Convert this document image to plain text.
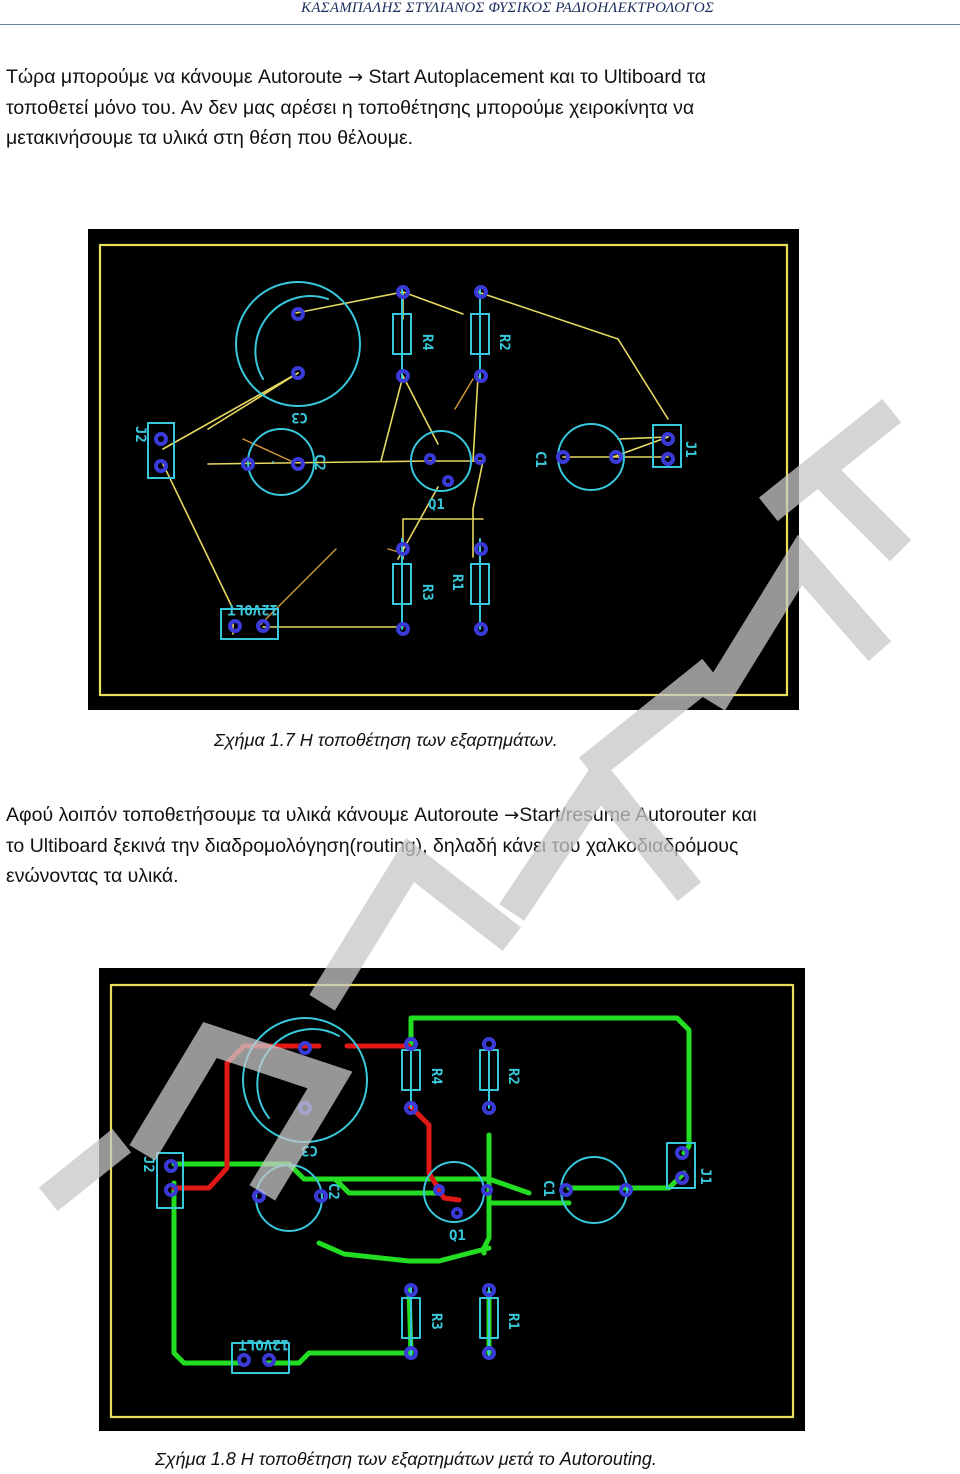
ΚΑΣΑΜΠΑΛΗΣ ΣΤΥΛΙΑΝΟΣ ΦΥΣΙΚΟΣ ΡΑΔΙΟΗΛΕΚΤΡΟΛΟΓΟΣ
Τώρα μπορούμε να κάνουμε Autoroute → Start Autoplacement και το Ultiboard τα
τοποθετεί μόνο του. Αν δεν μας αρέσει η τοποθέτησης μπορούμε χειροκίνητα να
μετακινήσουμε τα υλικά στη θέση που θέλουμε.
R4	R2
R3
R1
C3
C2	C1
J1
J2
Q1
12VOLT
Σχήμα 1.7 Η τοποθέτηση των εξαρτημάτων.
Αφού λοιπόν τοποθετήσουμε τα υλικά κάνουμε Autoroute →Start/resume Autorouter και
το Ultiboard ξεκινά την διαδρομολόγηση(routing), δηλαδή κάνει του χαλκοδιαδρόμους
ενώνοντας τα υλικά.
R4	R2
R3	R1
C3
C2	C1
J1
J2
Q1
12VOLT
Σχήμα 1.8 Η τοποθέτηση των εξαρτημάτων μετά το Autorouting.
